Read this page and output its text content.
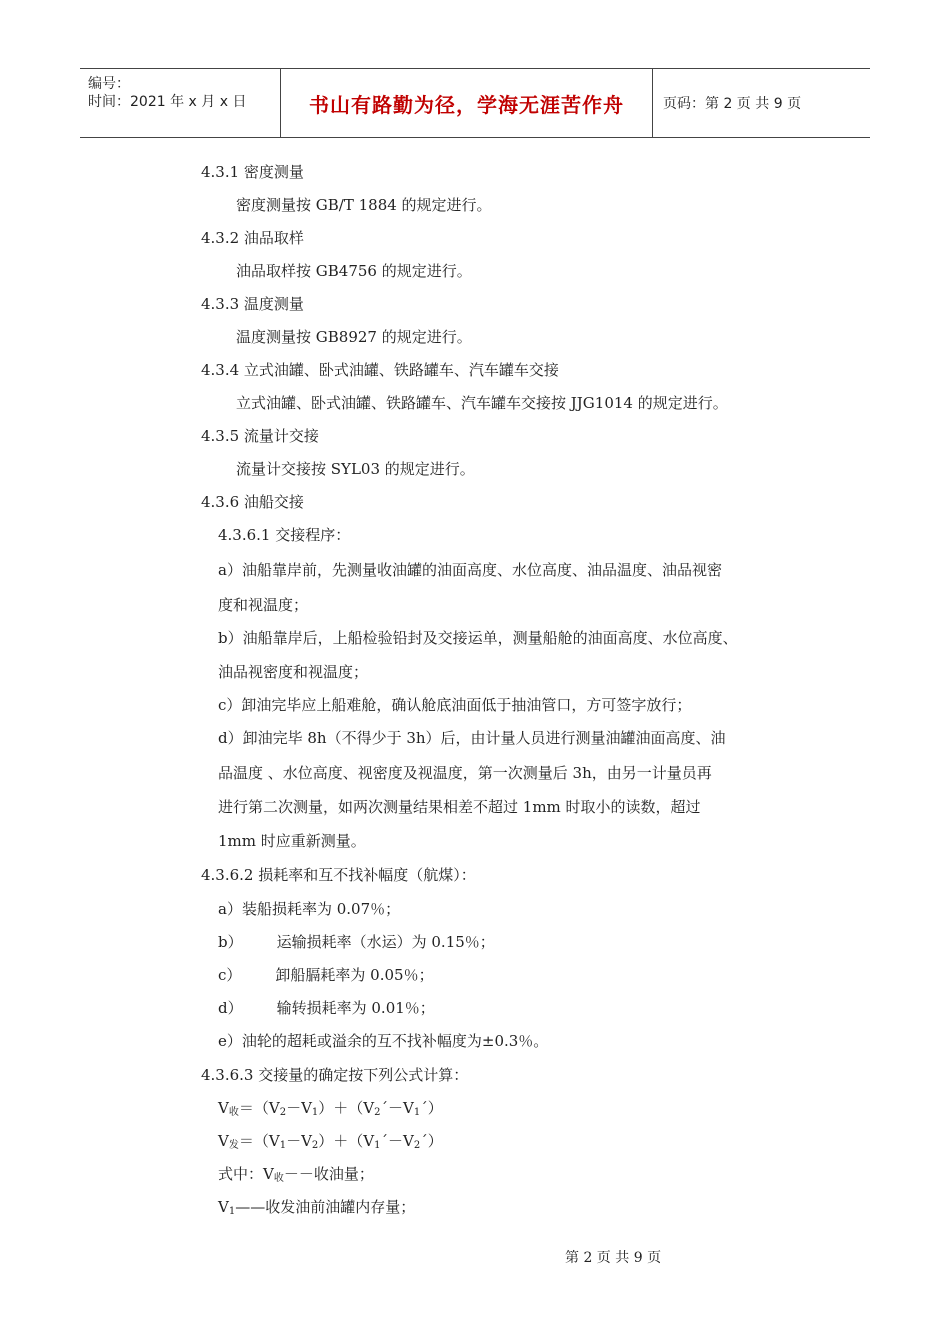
编号：
时间：2021 年 x 月 x 日	书山有路勤为径，学海无涯苦作舟	页码：第 2 页 共 9 页
4.3.1 密度测量
密度测量按 GB/T 1884 的规定进行。
4.3.2 油品取样
油品取样按 GB4756 的规定进行。
4.3.3 温度测量
温度测量按 GB8927 的规定进行。
4.3.4 立式油罐、卧式油罐、铁路罐车、汽车罐车交接
立式油罐、卧式油罐、铁路罐车、汽车罐车交接按 JJG1014 的规定进行。
4.3.5 流量计交接
流量计交接按 SYL03 的规定进行。
4.3.6 油船交接
4.3.6.1 交接程序：
a）油船靠岸前，先测量收油罐的油面高度、水位高度、油品温度、油品视密
度和视温度；
b）油船靠岸后，上船检验铅封及交接运单，测量船舱的油面高度、水位高度、
油品视密度和视温度；
c）卸油完毕应上船难舱，确认舱底油面低于抽油管口，方可签字放行；
d）卸油完毕 8h（不得少于 3h）后，由计量人员进行测量油罐油面高度、油
品温度 、水位高度、视密度及视温度，第一次测量后 3h，由另一计量员再
进行第二次测量，如两次测量结果相差不超过 1mm 时取小的读数，超过
1mm 时应重新测量。
4.3.6.2 损耗率和互不找补幅度（航煤）：
a）装船损耗率为 0.07％；
b） 运输损耗率（水运）为 0.15％；
c） 卸船膈耗率为 0.05％；
d） 输转损耗率为 0.01％；
e）油轮的超耗或溢余的互不找补幅度为±0.3％。
4.3.6.3 交接量的确定按下列公式计算：
$V_收=(V_2-V_1)+(V_2´-V_1´)$
$V_发=(V_1-V_2)+(V_1´-V_2´)$
式中：$V_收--$收油量；
$V_1——$收发油前油罐内存量；
第 2 页 共 9 页
